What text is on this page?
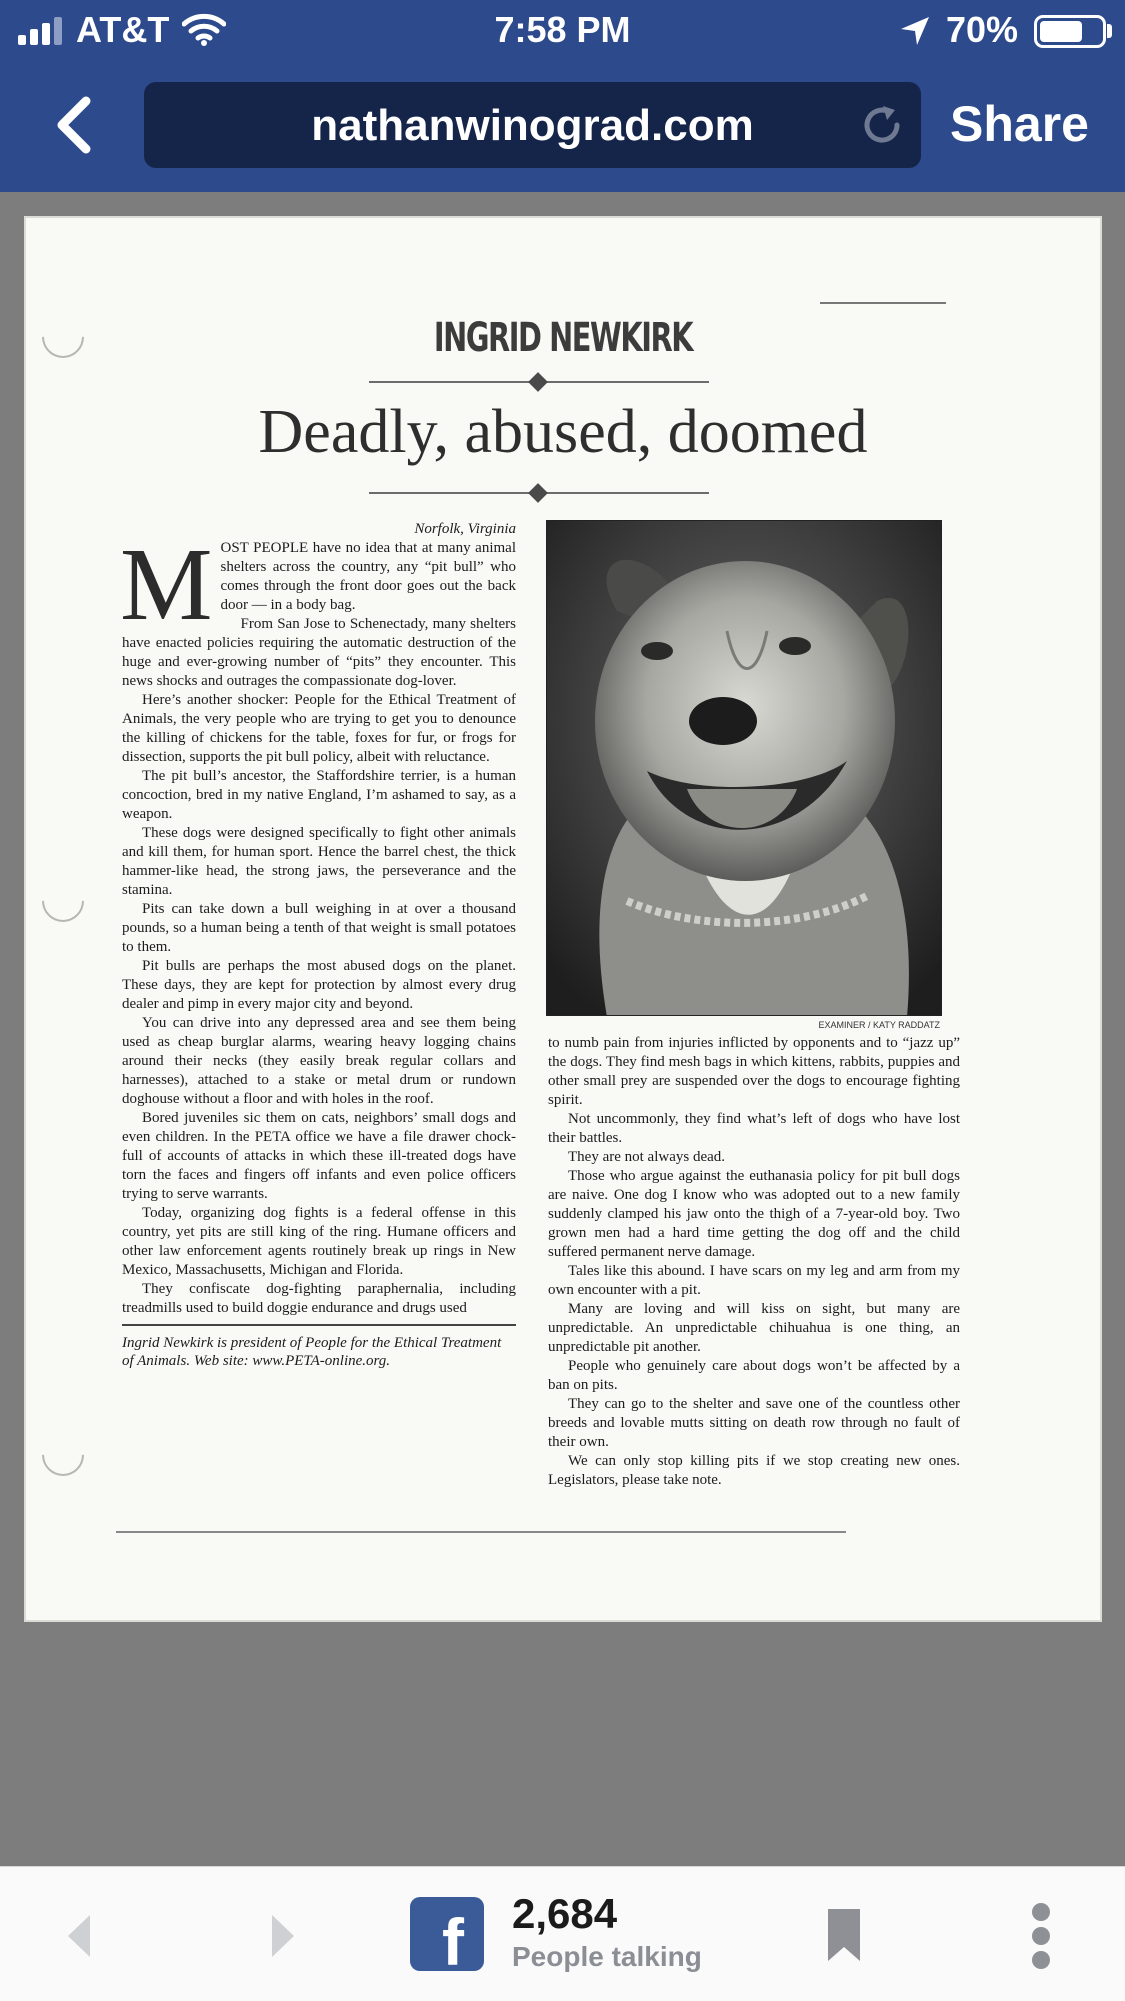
AT&T	7:58 PM	70%
nathanwinograd.com	Share
INGRID NEWKIRK
Deadly, abused, doomed

Norfolk, Virginia

MOST PEOPLE have no idea that at many animal shelters across the country, any “pit bull” who comes through the front door goes out the back door — in a body bag.

From San Jose to Schenectady, many shelters have enacted policies requiring the automatic destruction of the huge and ever-growing number of “pits” they encounter. This news shocks and outrages the compassionate dog-lover.

Here’s another shocker: People for the Ethical Treatment of Animals, the very people who are trying to get you to denounce the killing of chickens for the table, foxes for fur, or frogs for dissection, supports the pit bull policy, albeit with reluctance.

The pit bull’s ancestor, the Staffordshire terrier, is a human concoction, bred in my native England, I’m ashamed to say, as a weapon.

These dogs were designed specifically to fight other animals and kill them, for human sport. Hence the barrel chest, the thick hammer-like head, the strong jaws, the perseverance and the stamina.

Pits can take down a bull weighing in at over a thousand pounds, so a human being a tenth of that weight is small potatoes to them.

Pit bulls are perhaps the most abused dogs on the planet. These days, they are kept for protection by almost every drug dealer and pimp in every major city and beyond.

You can drive into any depressed area and see them being used as cheap burglar alarms, wearing heavy logging chains around their necks (they easily break regular collars and harnesses), attached to a stake or metal drum or rundown doghouse without a floor and with holes in the roof.

Bored juveniles sic them on cats, neighbors’ small dogs and even children. In the PETA office we have a file drawer chock-full of accounts of attacks in which these ill-treated dogs have torn the faces and fingers off infants and even police officers trying to serve warrants.

Today, organizing dog fights is a federal offense in this country, yet pits are still king of the ring. Humane officers and other law enforcement agents routinely break up rings in New Mexico, Massachusetts, Michigan and Florida.

They confiscate dog-fighting paraphernalia, including treadmills used to build doggie endurance and drugs used

Ingrid Newkirk is president of People for the Ethical Treatment of Animals. Web site: www.PETA-online.org.

EXAMINER / KATY RADDATZ

to numb pain from injuries inflicted by opponents and to “jazz up” the dogs. They find mesh bags in which kittens, rabbits, puppies and other small prey are suspended over the dogs to encourage fighting spirit.

Not uncommonly, they find what’s left of dogs who have lost their battles.

They are not always dead.

Those who argue against the euthanasia policy for pit bull dogs are naive. One dog I know who was adopted out to a new family suddenly clamped his jaw onto the thigh of a 7-year-old boy. Two grown men had a hard time getting the dog off and the child suffered permanent nerve damage.

Tales like this abound. I have scars on my leg and arm from my own encounter with a pit.

Many are loving and will kiss on sight, but many are unpredictable. An unpredictable chihuahua is one thing, an unpredictable pit another.

People who genuinely care about dogs won’t be affected by a ban on pits.

They can go to the shelter and save one of the countless other breeds and lovable mutts sitting on death row through no fault of their own.

We can only stop killing pits if we stop creating new ones. Legislators, please take note.

f	2,684
People talking
